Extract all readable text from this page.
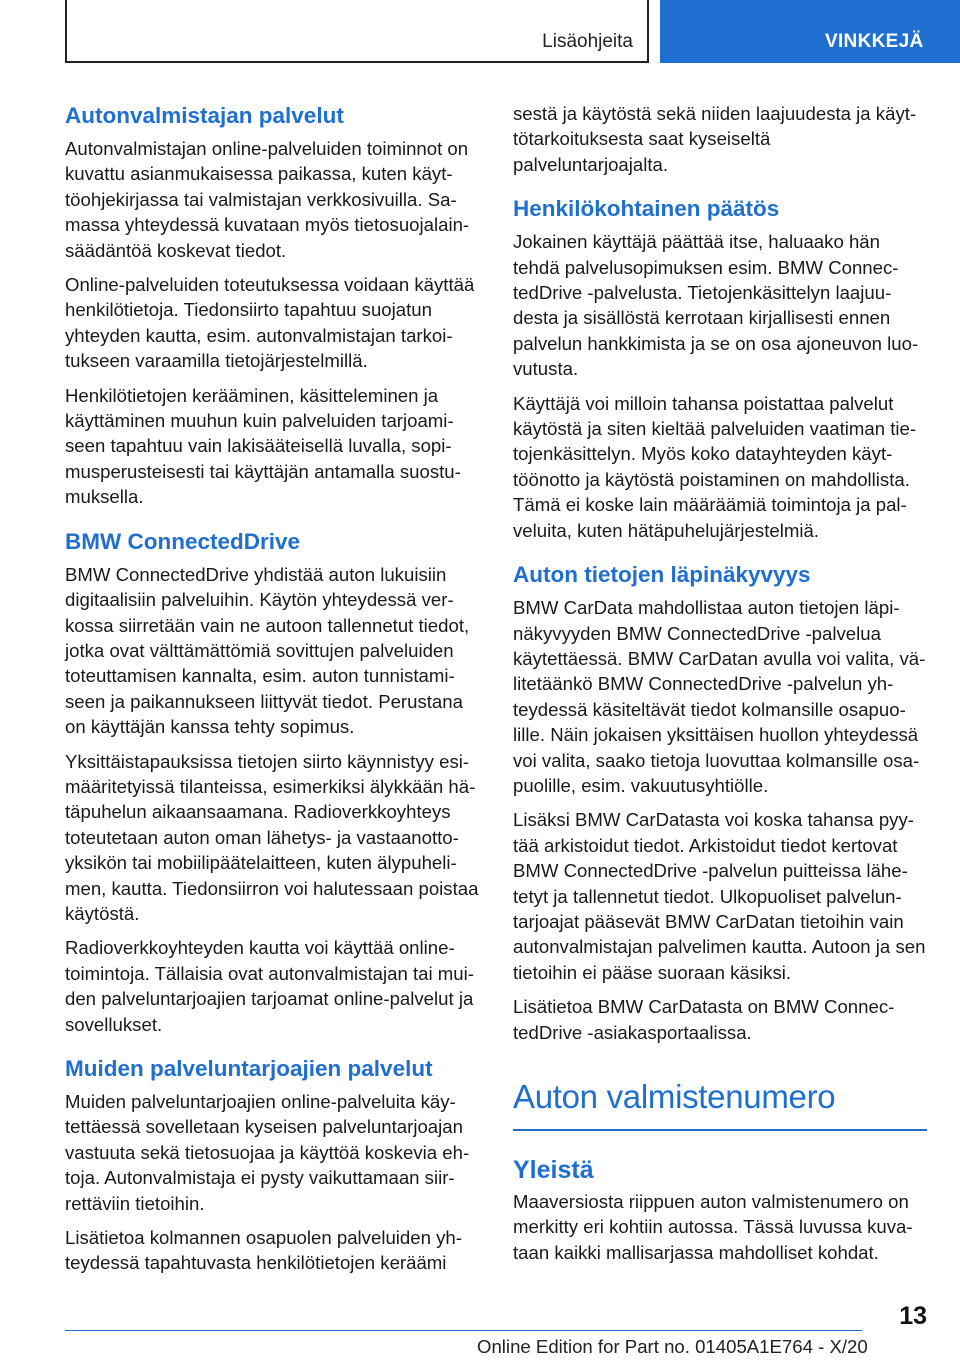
Lisäohjeita	VINKKEJÄ
Autonvalmistajan palvelut

Autonvalmistajan online-palveluiden toiminnot on kuvattu asianmukaisessa paikassa, kuten käyttöohjekirjassa tai valmistajan verkkosivuilla. Samassa yhteydessä kuvataan myös tietosuojalainsäädäntöä koskevat tiedot.

Online-palveluiden toteutuksessa voidaan käyttää henkilötietoja. Tiedonsiirto tapahtuu suojatun yhteyden kautta, esim. autonvalmistajan tarkoitukseen varaamilla tietojärjestelmillä.

Henkilötietojen kerääminen, käsitteleminen ja käyttäminen muuhun kuin palveluiden tarjoamiseen tapahtuu vain lakisääteisellä luvalla, sopimusperusteisesti tai käyttäjän antamalla suostumuksella.

BMW ConnectedDrive

BMW ConnectedDrive yhdistää auton lukuisiin digitaalisiin palveluihin. Käytön yhteydessä verkossa siirretään vain ne autoon tallennetut tiedot, jotka ovat välttämättömiä sovittujen palveluiden toteuttamisen kannalta, esim. auton tunnistamiseen ja paikannukseen liittyvät tiedot. Perustana on käyttäjän kanssa tehty sopimus.

Yksittäistapauksissa tietojen siirto käynnistyy esimääritetyissä tilanteissa, esimerkiksi älykkään hätäpuhelun aikaansaamana. Radioverkkoyhteys toteutetaan auton oman lähetys- ja vastaanottoyksikön tai mobiilipäätelaitteen, kuten älypuhelimen, kautta. Tiedonsiirron voi halutessaan poistaa käytöstä.

Radioverkkoyhteyden kautta voi käyttää online-toimintoja. Tällaisia ovat autonvalmistajan tai muiden palveluntarjoajien tarjoamat online-palvelut ja sovellukset.

Muiden palveluntarjoajien palvelut

Muiden palveluntarjoajien online-palveluita käytettäessä sovelletaan kyseisen palveluntarjoajan vastuuta sekä tietosuojaa ja käyttöä koskevia ehtoja. Autonvalmistaja ei pysty vaikuttamaan siirrettäviin tietoihin.

Lisätietoa kolmannen osapuolen palveluiden yhteydessä tapahtuvasta henkilötietojen keräämi

sestä ja käytöstä sekä niiden laajuudesta ja käyttötarkoituksesta saat kyseiseltä palveluntarjoajalta.

Henkilökohtainen päätös

Jokainen käyttäjä päättää itse, haluaako hän tehdä palvelusopimuksen esim. BMW ConnectedDrive -palvelusta. Tietojenkäsittelyn laajuudesta ja sisällöstä kerrotaan kirjallisesti ennen palvelun hankkimista ja se on osa ajoneuvon luovutusta.

Käyttäjä voi milloin tahansa poistattaa palvelut käytöstä ja siten kieltää palveluiden vaatiman tietojenkäsittelyn. Myös koko datayhteyden käyttöönotto ja käytöstä poistaminen on mahdollista. Tämä ei koske lain määräämiä toimintoja ja palveluita, kuten hätäpuhelujärjestelmiä.

Auton tietojen läpinäkyvyys

BMW CarData mahdollistaa auton tietojen läpinäkyvyyden BMW ConnectedDrive -palvelua käytettäessä. BMW CarDatan avulla voi valita, välitetäänkö BMW ConnectedDrive -palvelun yhteydessä käsiteltävät tiedot kolmansille osapuolille. Näin jokaisen yksittäisen huollon yhteydessä voi valita, saako tietoja luovuttaa kolmansille osapuolille, esim. vakuutusyhtiölle.

Lisäksi BMW CarDatasta voi koska tahansa pyytää arkistoidut tiedot. Arkistoidut tiedot kertovat BMW ConnectedDrive -palvelun puitteissa lähetetyt ja tallennetut tiedot. Ulkopuoliset palveluntarjoajat pääsevät BMW CarDatan tietoihin vain autonvalmistajan palvelimen kautta. Autoon ja sen tietoihin ei pääse suoraan käsiksi.

Lisätietoa BMW CarDatasta on BMW ConnectedDrive -asiakasportaalissa.

Auton valmistenumero
Yleistä

Maaversiosta riippuen auton valmistenumero on merkitty eri kohtiin autossa. Tässä luvussa kuvataan kaikki mallisarjassa mahdolliset kohdat.

13
Online Edition for Part no. 01405A1E764 - X/20
